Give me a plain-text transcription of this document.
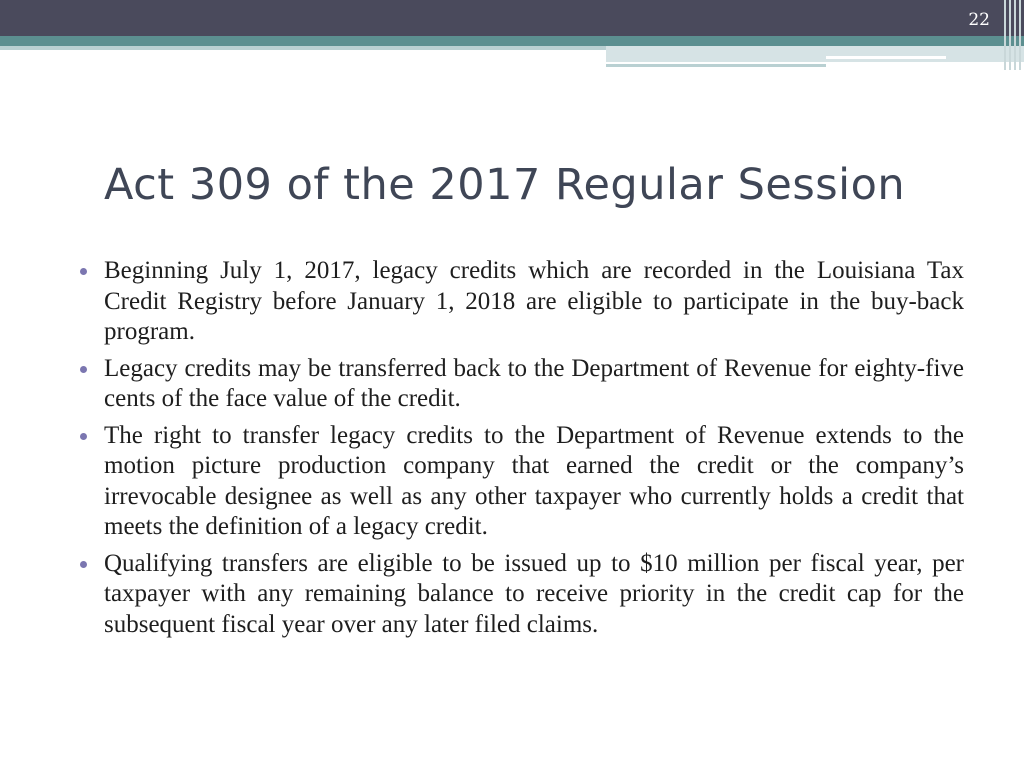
22
Act 309 of the 2017 Regular Session
Beginning July 1, 2017, legacy credits which are recorded in the Louisiana Tax Credit Registry before January 1, 2018 are eligible to participate in the buy-back program.
Legacy credits may be transferred back to the Department of Revenue for eighty-five cents of the face value of the credit.
The right to transfer legacy credits to the Department of Revenue extends to the motion picture production company that earned the credit or the company’s irrevocable designee as well as any other taxpayer who currently holds a credit that meets the definition of a legacy credit.
Qualifying transfers are eligible to be issued up to $10 million per fiscal year, per taxpayer with any remaining balance to receive priority in the credit cap for the subsequent fiscal year over any later filed claims.
